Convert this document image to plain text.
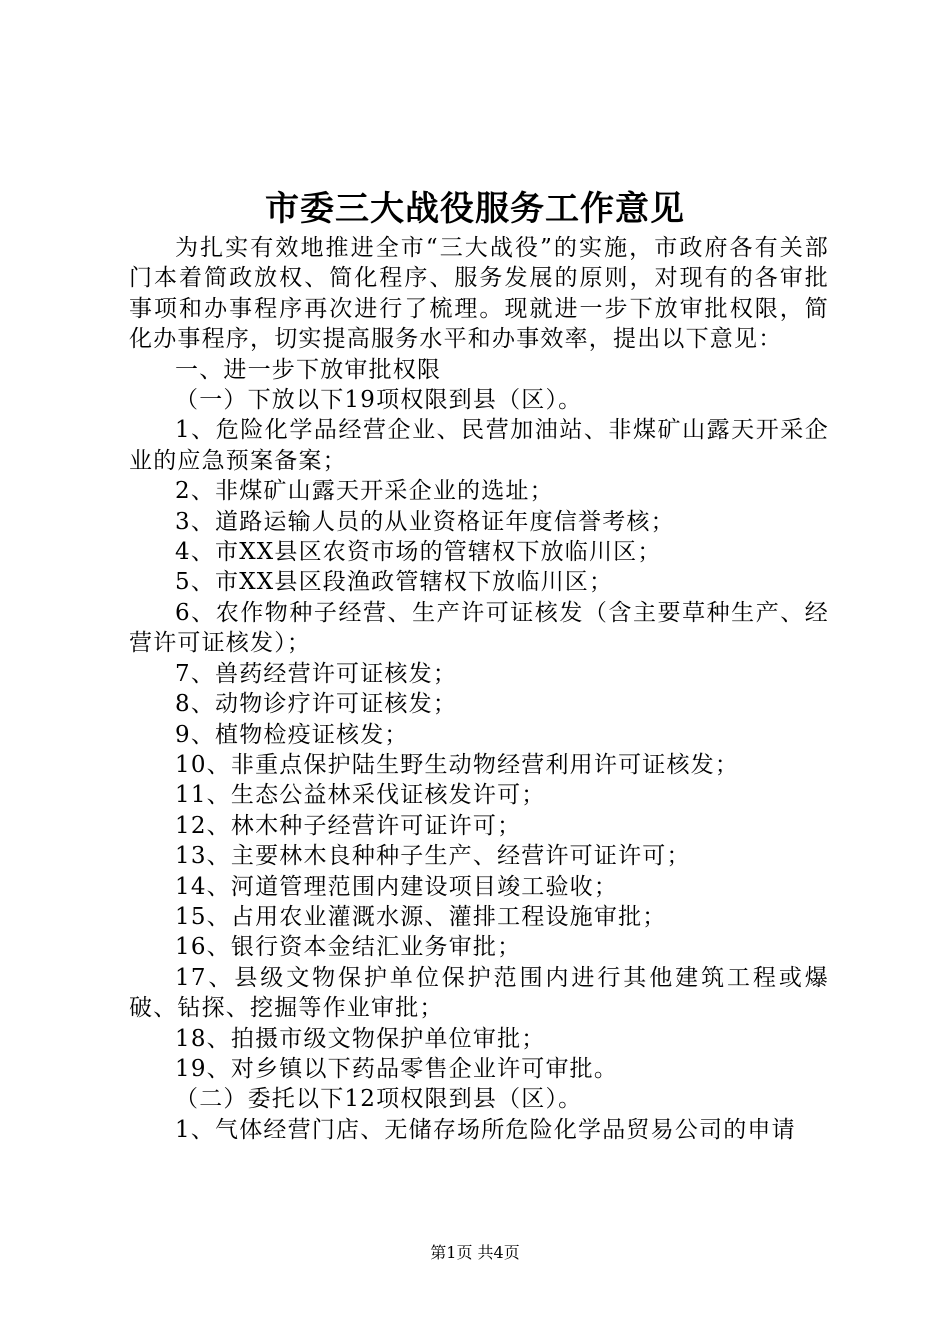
市委三大战役服务工作意见

为扎实有效地推进全市“三大战役”的实施，市政府各有关部门本着简政放权、简化程序、服务发展的原则，对现有的各审批事项和办事程序再次进行了梳理。现就进一步下放审批权限，简化办事程序，切实提高服务水平和办事效率，提出以下意见：

一、进一步下放审批权限

（一）下放以下19项权限到县（区）。

1、危险化学品经营企业、民营加油站、非煤矿山露天开采企业的应急预案备案；

2、非煤矿山露天开采企业的选址；

3、道路运输人员的从业资格证年度信誉考核；

4、市XX县区农资市场的管辖权下放临川区；

5、市XX县区段渔政管辖权下放临川区；

6、农作物种子经营、生产许可证核发（含主要草种生产、经营许可证核发）；

7、兽药经营许可证核发；

8、动物诊疗许可证核发；

9、植物检疫证核发；

10、非重点保护陆生野生动物经营利用许可证核发；

11、生态公益林采伐证核发许可；

12、林木种子经营许可证许可；

13、主要林木良种种子生产、经营许可证许可；

14、河道管理范围内建设项目竣工验收；

15、占用农业灌溉水源、灌排工程设施审批；

16、银行资本金结汇业务审批；

17、县级文物保护单位保护范围内进行其他建筑工程或爆破、钻探、挖掘等作业审批；

18、拍摄市级文物保护单位审批；

19、对乡镇以下药品零售企业许可审批。

（二）委托以下12项权限到县（区）。

1、气体经营门店、无储存场所危险化学品贸易公司的申请

第1页 共4页
